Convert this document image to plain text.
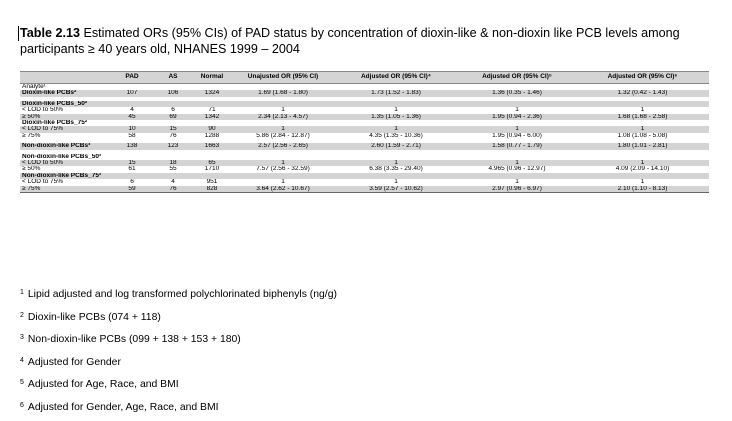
Table 2.13 Estimated ORs (95% CIs) of PAD status by concentration of dioxin-like & non-dioxin like PCB levels among participants ≥ 40 years old, NHANES 1999 – 2004
	PAD	AS	Normal	Unajusted OR (95% CI)	Adjusted OR (95% CI)⁴	Adjusted OR (95% CI)⁵	Adjusted OR (95% CI)⁶
Analyte¹							
Dioxin-like PCBs²	107	106	1324	1.69 (1.68 - 1.80)	1.73 (1.52 - 1.83)	1.36 (0.35 - 1.46)	1.32 (0.42 - 1.43)

Dioxin-like PCBs_50²							
< LOD to 50%	4	6	71	1	1	1	1
≥ 50%	45	69	1342	2.34 (2.13 - 4.57)	1.35 (1.05 - 1.36)	1.95 (0.94 - 2.36)	1.68 (1.68 - 2.58)
Dioxin-like PCBs_75²							
< LOD to 75%	10	15	90	1	1	1	1
≥ 75%	58	76	1288	5.86 (2.84 - 12.87)	4.35 (1.35 - 10.36)	1.95 (0.94 - 6.00)	1.08 (1.08 - 5.08)

Non-dioxin-like PCBs³	138	123	1663	2.57 (2.56 - 2.65)	2.60 (1.59 - 2.71)	1.58 (0.77 - 1.79)	1.80 (1.01 - 2.81)

Non-dioxin-like PCBs_50³							
< LOD to 50%	15	18	65	1	1	1	1
≥ 50%	61	55	1710	7.57 (2.56 - 32.59)	6.38 (3.35 - 29.40)	4.965 (0.96 - 12.97)	4.09 (2.09 - 14.10)
Non-dioxin-like PCBs_75³							
< LOD to 75%	6	4	951	1	1	1	1
≥ 75%	59	76	828	3.64 (2.62 - 10.67)	3.59 (2.57 - 10.62)	2.97 (0.96 - 6.97)	2.10 (1.10 - 8.13)
$^1$ Lipid adjusted and log transformed polychlorinated biphenyls (ng/g)
$^2$ Dioxin-like PCBs (074 + 118)
$^3$ Non-dioxin-like PCBs (099 + 138 + 153 + 180)
$^4$ Adjusted for Gender
$^5$ Adjusted for Age, Race, and BMI
$^6$ Adjusted for Gender, Age, Race, and BMI
